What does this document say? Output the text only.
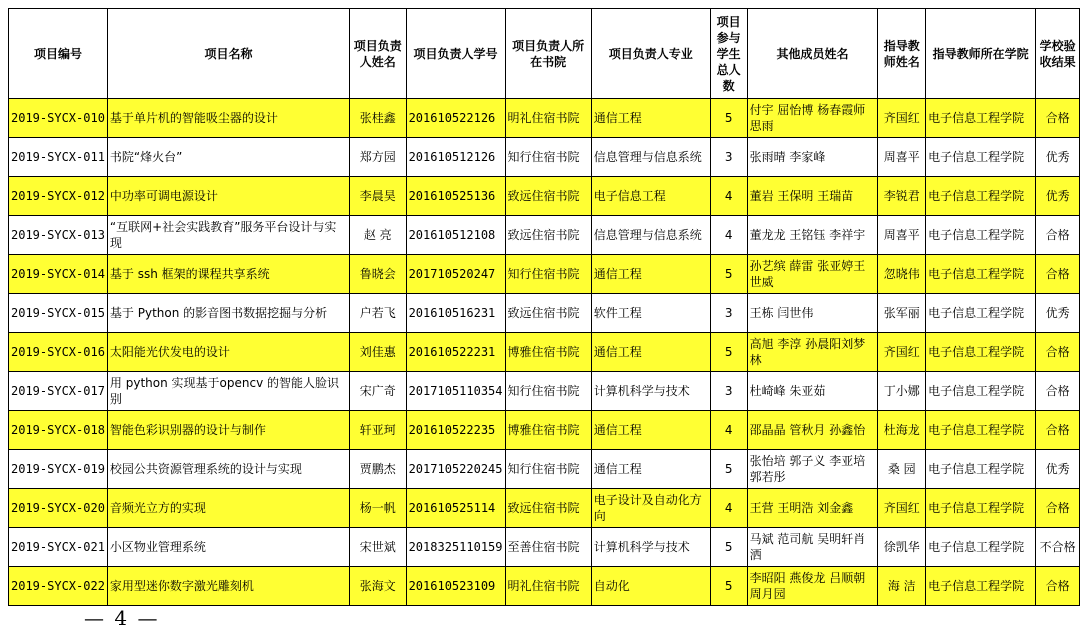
项目编号	项目名称	项目负责人姓名	项目负责人学号	项目负责人所在书院	项目负责人专业	项目参与学生总人数	其他成员姓名	指导教师姓名	指导教师所在学院	学校验收结果
2019-SYCX-010	基于单片机的智能吸尘器的设计	张桂鑫	201610522126	明礼住宿书院	通信工程	5	付宇 屈怡博 杨春霞师思雨	齐国红	电子信息工程学院	合格
2019-SYCX-011	书院“烽火台”	郑方园	201610512126	知行住宿书院	信息管理与信息系统	3	张雨晴 李家峰	周喜平	电子信息工程学院	优秀
2019-SYCX-012	中功率可调电源设计	李晨昊	201610525136	致远住宿书院	电子信息工程	4	董岩 王保明 王瑞苗	李锐君	电子信息工程学院	优秀
2019-SYCX-013	“互联网+社会实践教育”服务平台设计与实现	赵 亮	201610512108	致远住宿书院	信息管理与信息系统	4	董龙龙 王铭钰 李祥宇	周喜平	电子信息工程学院	合格
2019-SYCX-014	基于 ssh 框架的课程共享系统	鲁晓会	201710520247	知行住宿书院	通信工程	5	孙艺缤 薛雷 张亚婷王世威	忽晓伟	电子信息工程学院	合格
2019-SYCX-015	基于 Python 的影音图书数据挖掘与分析	户若飞	201610516231	致远住宿书院	软件工程	3	王栋 闫世伟	张军丽	电子信息工程学院	优秀
2019-SYCX-016	太阳能光伏发电的设计	刘佳惠	201610522231	博雅住宿书院	通信工程	5	高旭 李淳 孙晨阳刘梦林	齐国红	电子信息工程学院	合格
2019-SYCX-017	用 python 实现基于opencv 的智能人脸识别	宋广奇	2017105110354	知行住宿书院	计算机科学与技术	3	杜崎峰 朱亚茹	丁小娜	电子信息工程学院	合格
2019-SYCX-018	智能色彩识别器的设计与制作	轩亚珂	201610522235	博雅住宿书院	通信工程	4	邵晶晶 管秋月 孙鑫怡	杜海龙	电子信息工程学院	合格
2019-SYCX-019	校园公共资源管理系统的设计与实现	贾鹏杰	2017105220245	知行住宿书院	通信工程	5	张怡培 郭子义 李亚培郭若彤	桑 园	电子信息工程学院	优秀
2019-SYCX-020	音频光立方的实现	杨一帆	201610525114	致远住宿书院	电子设计及自动化方向	4	王营 王明浩 刘金鑫	齐国红	电子信息工程学院	合格
2019-SYCX-021	小区物业管理系统	宋世斌	2018325110159	至善住宿书院	计算机科学与技术	5	马斌 范司航 吴明轩肖洒	徐凯华	电子信息工程学院	不合格
2019-SYCX-022	家用型迷你数字激光雕刻机	张海文	201610523109	明礼住宿书院	自动化	5	李昭阳 燕俊龙 吕顺朝周月园	海 洁	电子信息工程学院	合格
— 4 —
